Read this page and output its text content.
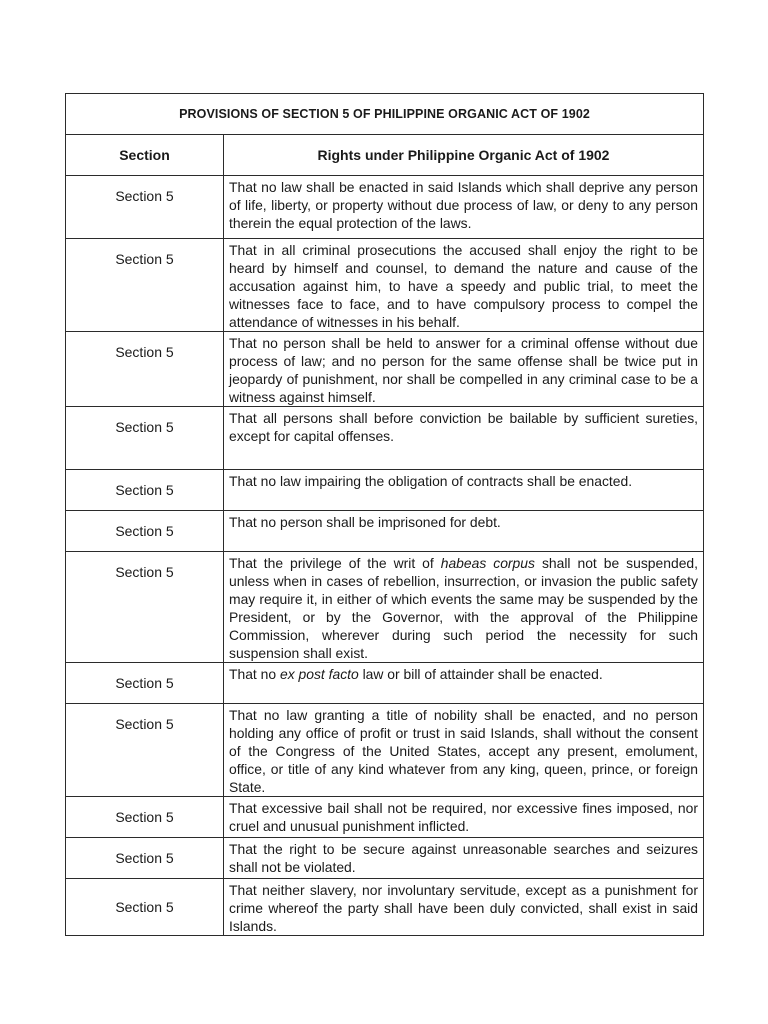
PROVISIONS OF SECTION 5 OF PHILIPPINE ORGANIC ACT OF 1902	
Section	Rights under Philippine Organic Act of 1902
Section 5	That no law shall be enacted in said Islands which shall deprive any person of life, liberty, or property without due process of law, or deny to any person therein the equal protection of the laws.
Section 5	That in all criminal prosecutions the accused shall enjoy the right to be heard by himself and counsel, to demand the nature and cause of the accusation against him, to have a speedy and public trial, to meet the witnesses face to face, and to have compulsory process to compel the attendance of witnesses in his behalf.
Section 5	That no person shall be held to answer for a criminal offense without due process of law; and no person for the same offense shall be twice put in jeopardy of punishment, nor shall be compelled in any criminal case to be a witness against himself.
Section 5	That all persons shall before conviction be bailable by sufficient sureties, except for capital offenses.
Section 5	That no law impairing the obligation of contracts shall be enacted.
Section 5	That no person shall be imprisoned for debt.
Section 5	That the privilege of the writ of habeas corpus shall not be suspended, unless when in cases of rebellion, insurrection, or invasion the public safety may require it, in either of which events the same may be suspended by the President, or by the Governor, with the approval of the Philippine Commission, wherever during such period the necessity for such suspension shall exist.
Section 5	That no ex post facto law or bill of attainder shall be enacted.
Section 5	That no law granting a title of nobility shall be enacted, and no person holding any office of profit or trust in said Islands, shall without the consent of the Congress of the United States, accept any present, emolument, office, or title of any kind whatever from any king, queen, prince, or foreign State.
Section 5	That excessive bail shall not be required, nor excessive fines imposed, nor cruel and unusual punishment inflicted.
Section 5	That the right to be secure against unreasonable searches and seizures shall not be violated.
Section 5	That neither slavery, nor involuntary servitude, except as a punishment for crime whereof the party shall have been duly convicted, shall exist in said Islands.
